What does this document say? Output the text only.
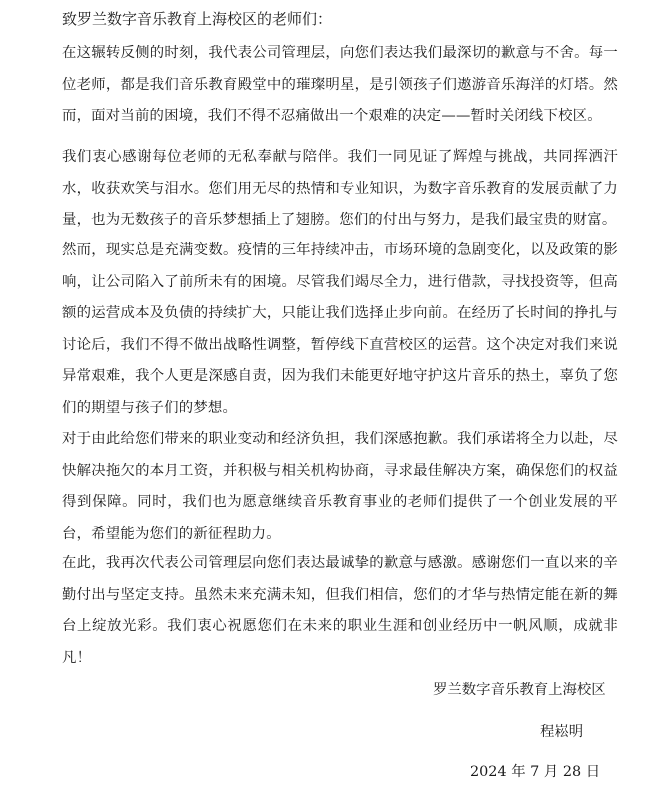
致罗兰数字音乐教育上海校区的老师们：

在这辗转反侧的时刻，我代表公司管理层，向您们表达我们最深切的歉意与不舍。每一位老师，都是我们音乐教育殿堂中的璀璨明星，是引领孩子们遨游音乐海洋的灯塔。然而，面对当前的困境，我们不得不忍痛做出一个艰难的决定——暂时关闭线下校区。

我们衷心感谢每位老师的无私奉献与陪伴。我们一同见证了辉煌与挑战，共同挥洒汗水，收获欢笑与泪水。您们用无尽的热情和专业知识，为数字音乐教育的发展贡献了力量，也为无数孩子的音乐梦想插上了翅膀。您们的付出与努力，是我们最宝贵的财富。

然而，现实总是充满变数。疫情的三年持续冲击，市场环境的急剧变化，以及政策的影响，让公司陷入了前所未有的困境。尽管我们竭尽全力，进行借款，寻找投资等，但高额的运营成本及负债的持续扩大，只能让我们选择止步向前。在经历了长时间的挣扎与讨论后，我们不得不做出战略性调整，暂停线下直营校区的运营。这个决定对我们来说异常艰难，我个人更是深感自责，因为我们未能更好地守护这片音乐的热土，辜负了您们的期望与孩子们的梦想。

对于由此给您们带来的职业变动和经济负担，我们深感抱歉。我们承诺将全力以赴，尽快解决拖欠的本月工资，并积极与相关机构协商，寻求最佳解决方案，确保您们的权益得到保障。同时，我们也为愿意继续音乐教育事业的老师们提供了一个创业发展的平台，希望能为您们的新征程助力。

在此，我再次代表公司管理层向您们表达最诚挚的歉意与感激。感谢您们一直以来的辛勤付出与坚定支持。虽然未来充满未知，但我们相信，您们的才华与热情定能在新的舞台上绽放光彩。我们衷心祝愿您们在未来的职业生涯和创业经历中一帆风顺，成就非凡！

罗兰数字音乐教育上海校区
程崧明
2024 年 7 月 28 日
